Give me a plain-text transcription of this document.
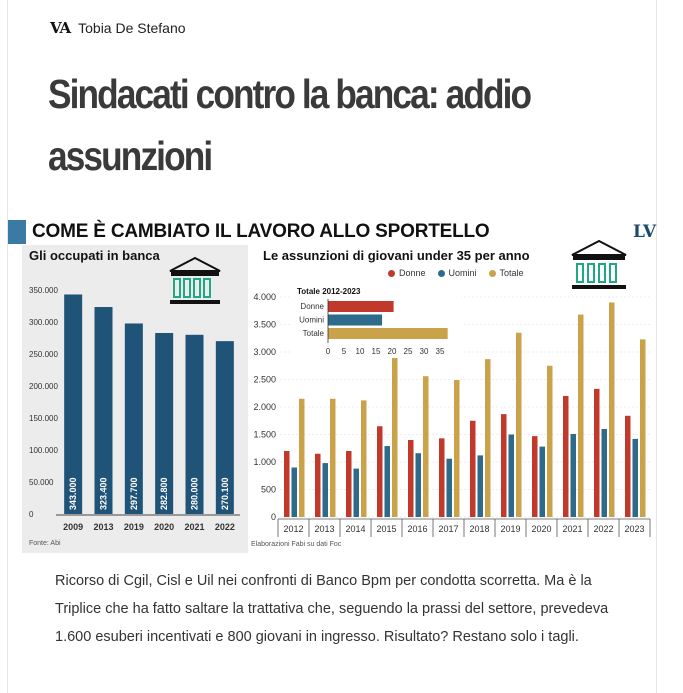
VA Tobia De Stefano
Sindacati contro la banca: addio assunzioni
COME È CAMBIATO IL LAVORO ALLO SPORTELLO	LV
Gli occupati in banca	Le assunzioni di giovani under 35 per anno
Donne	Uomini	Totale
0
50.000
100.000
150.000
200.000
250.000
300.000
350.000
343.000
2009
323.400
2013
297.700
2019
282.800
2020
280.000
2021
270.100
2022
0
500
1.000
1.500
2.000
2.500
3.000
3.500
4.000
2012 2013 2014 2015 2016 2017 2018 2019 2020 2021 2022 2023
Totale 2012-2023
Donne
Uomini
Totale
0 5 10 15 20 25 30 35
Fonte: Abi	Elaborazioni Fabi su dati Foc

Ricorso di Cgil, Cisl e Uil nei confronti di Banco Bpm per condotta scorretta. Ma è la Triplice che ha fatto saltare la trattativa che, seguendo la prassi del settore, prevedeva 1.600 esuberi incentivati e 800 giovani in ingresso. Risultato? Restano solo i tagli.
